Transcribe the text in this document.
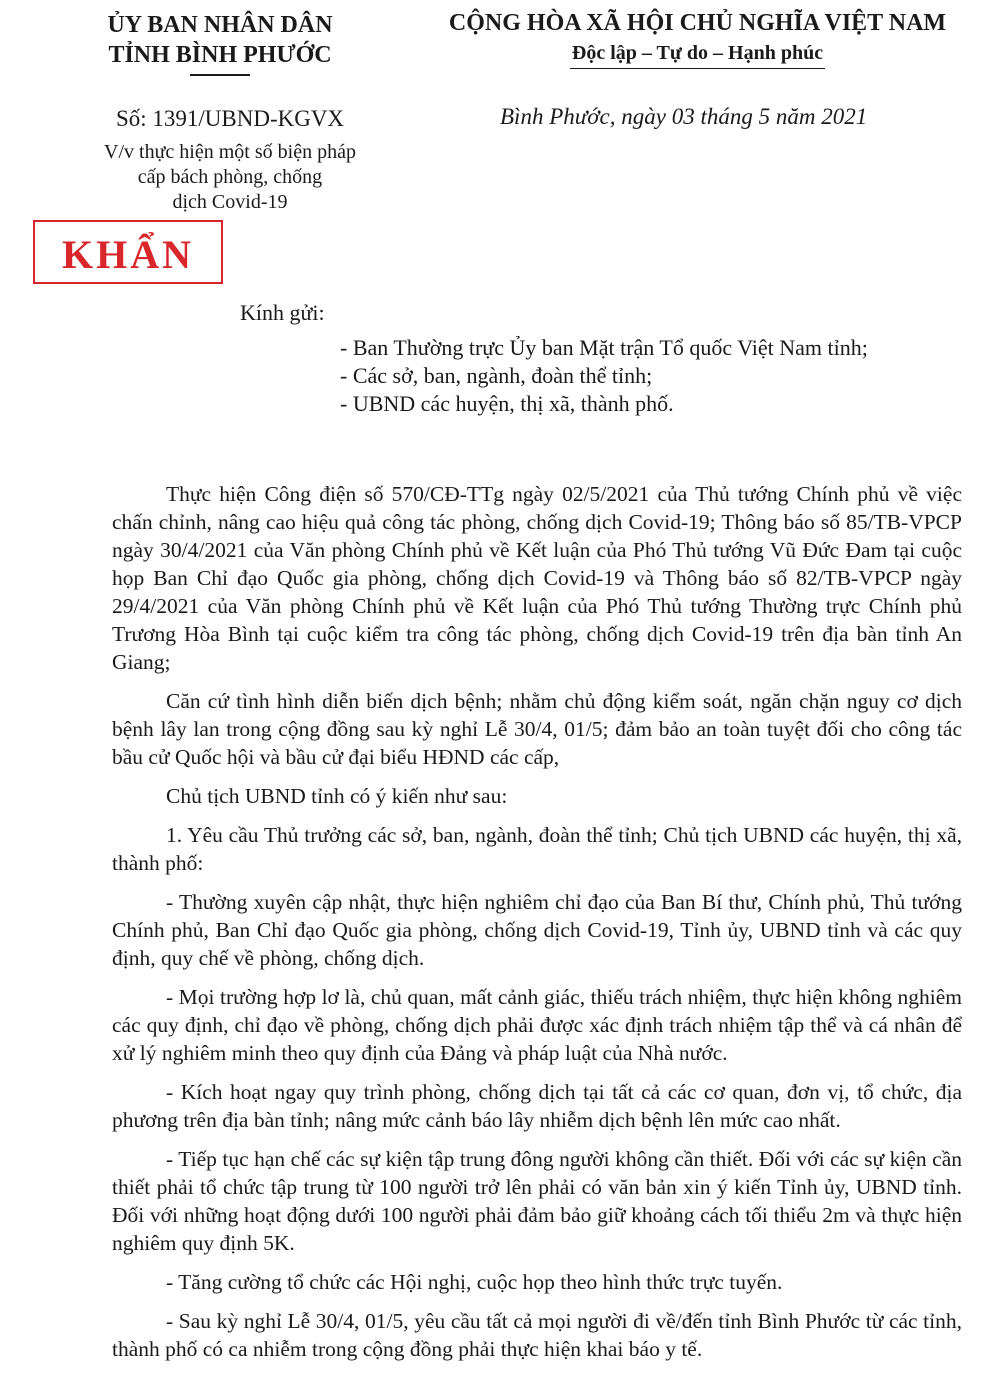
ỦY BAN NHÂN DÂN
TỈNH BÌNH PHƯỚC
CỘNG HÒA XÃ HỘI CHỦ NGHĨA VIỆT NAM
Độc lập – Tự do – Hạnh phúc
Số: 1391/UBND-KGVX
V/v thực hiện một số biện pháp
cấp bách phòng, chống
dịch Covid-19
Bình Phước, ngày 03 tháng 5 năm 2021
KHẨN
Kính gửi:
- Ban Thường trực Ủy ban Mặt trận Tổ quốc Việt Nam tỉnh;
- Các sở, ban, ngành, đoàn thể tỉnh;
- UBND các huyện, thị xã, thành phố.

Thực hiện Công điện số 570/CĐ-TTg ngày 02/5/2021 của Thủ tướng Chính phủ về việc chấn chỉnh, nâng cao hiệu quả công tác phòng, chống dịch Covid-19; Thông báo số 85/TB-VPCP ngày 30/4/2021 của Văn phòng Chính phủ về Kết luận của Phó Thủ tướng Vũ Đức Đam tại cuộc họp Ban Chỉ đạo Quốc gia phòng, chống dịch Covid-19 và Thông báo số 82/TB-VPCP ngày 29/4/2021 của Văn phòng Chính phủ về Kết luận của Phó Thủ tướng Thường trực Chính phủ Trương Hòa Bình tại cuộc kiểm tra công tác phòng, chống dịch Covid-19 trên địa bàn tỉnh An Giang;

Căn cứ tình hình diễn biến dịch bệnh; nhằm chủ động kiểm soát, ngăn chặn nguy cơ dịch bệnh lây lan trong cộng đồng sau kỳ nghỉ Lễ 30/4, 01/5; đảm bảo an toàn tuyệt đối cho công tác bầu cử Quốc hội và bầu cử đại biểu HĐND các cấp,

Chủ tịch UBND tỉnh có ý kiến như sau:

1. Yêu cầu Thủ trưởng các sở, ban, ngành, đoàn thể tỉnh; Chủ tịch UBND các huyện, thị xã, thành phố:

- Thường xuyên cập nhật, thực hiện nghiêm chỉ đạo của Ban Bí thư, Chính phủ, Thủ tướng Chính phủ, Ban Chỉ đạo Quốc gia phòng, chống dịch Covid-19, Tỉnh ủy, UBND tỉnh và các quy định, quy chế về phòng, chống dịch.

- Mọi trường hợp lơ là, chủ quan, mất cảnh giác, thiếu trách nhiệm, thực hiện không nghiêm các quy định, chỉ đạo về phòng, chống dịch phải được xác định trách nhiệm tập thể và cá nhân để xử lý nghiêm minh theo quy định của Đảng và pháp luật của Nhà nước.

- Kích hoạt ngay quy trình phòng, chống dịch tại tất cả các cơ quan, đơn vị, tổ chức, địa phương trên địa bàn tỉnh; nâng mức cảnh báo lây nhiễm dịch bệnh lên mức cao nhất.

- Tiếp tục hạn chế các sự kiện tập trung đông người không cần thiết. Đối với các sự kiện cần thiết phải tổ chức tập trung từ 100 người trở lên phải có văn bản xin ý kiến Tỉnh ủy, UBND tỉnh. Đối với những hoạt động dưới 100 người phải đảm bảo giữ khoảng cách tối thiểu 2m và thực hiện nghiêm quy định 5K.

- Tăng cường tổ chức các Hội nghị, cuộc họp theo hình thức trực tuyến.

- Sau kỳ nghỉ Lễ 30/4, 01/5, yêu cầu tất cả mọi người đi về/đến tỉnh Bình Phước từ các tỉnh, thành phố có ca nhiễm trong cộng đồng phải thực hiện khai báo y tế.
